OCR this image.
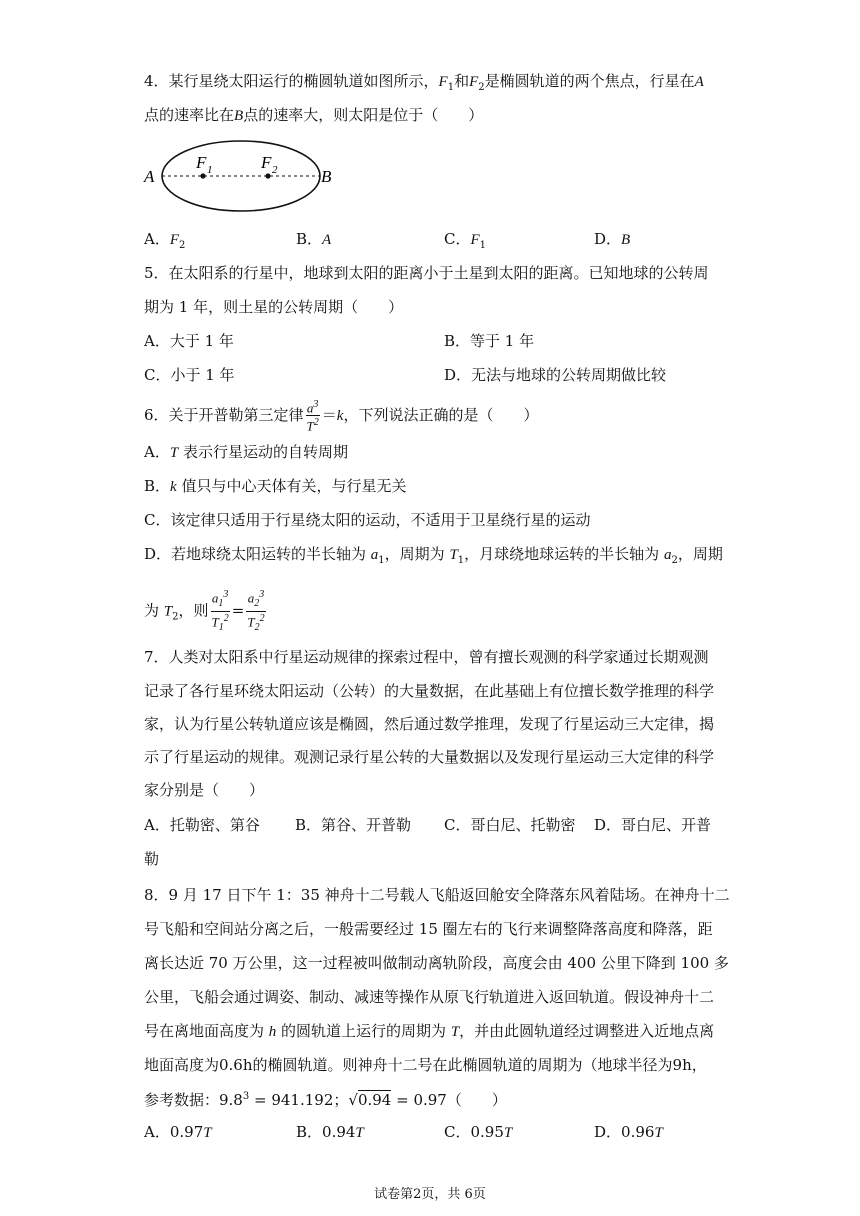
4．某行星绕太阳运行的椭圆轨道如图所示，$F_1$和$F_2$是椭圆轨道的两个焦点，行星在A
点的速率比在B点的速率大，则太阳是位于（　　）
A	B
F 1	F 2
A．$F_2$	B．A	C．$F_1$	D．B
5．在太阳系的行星中，地球到太阳的距离小于土星到太阳的距离。已知地球的公转周
期为 1 年，则土星的公转周期（　　）
A．大于 1 年	B．等于 1 年
C．小于 1 年	D．无法与地球的公转周期做比较
6．关于开普勒第三定律 $\frac{a^3}{T^2} =k$，下列说法正确的是（　　）
A．T 表示行星运动的自转周期
B．k 值只与中心天体有关，与行星无关
C．该定律只适用于行星绕太阳的运动，不适用于卫星绕行星的运动
D．若地球绕太阳运转的半长轴为 $a_1$，周期为 $T_1$，月球绕地球运转的半长轴为 $a_2$，周期
为 $T_2$，则 $\frac{a_1^3}{T_1^2} = \frac{a_2^3}{T_2^2}$
7．人类对太阳系中行星运动规律的探索过程中，曾有擅长观测的科学家通过长期观测
记录了各行星环绕太阳运动（公转）的大量数据，在此基础上有位擅长数学推理的科学
家，认为行星公转轨道应该是椭圆，然后通过数学推理，发现了行星运动三大定律，揭
示了行星运动的规律。观测记录行星公转的大量数据以及发现行星运动三大定律的科学
家分别是（　　）
A．托勒密、第谷 B．第谷、开普勒 C．哥白尼、托勒密 D．哥白尼、开普
勒
8．9 月 17 日下午 1：35 神舟十二号载人飞船返回舱安全降落东风着陆场。在神舟十二
号飞船和空间站分离之后，一般需要经过 15 圈左右的飞行来调整降落高度和降落，距
离长达近 70 万公里，这一过程被叫做制动离轨阶段，高度会由 400 公里下降到 100 多
公里，飞船会通过调姿、制动、减速等操作从原飞行轨道进入返回轨道。假设神舟十二
号在离地面高度为 h 的圆轨道上运行的周期为 T，并由此圆轨道经过调整进入近地点离
地面高度为0.6h的椭圆轨道。则神舟十二号在此椭圆轨道的周期为（地球半径为9h，
参考数据：$9.8^3 = 941.192$；√0.94 = 0.97（　　）
A．0.97T	B．0.94T	C．0.95T	D．0.96T
试卷第2页，共 6页
